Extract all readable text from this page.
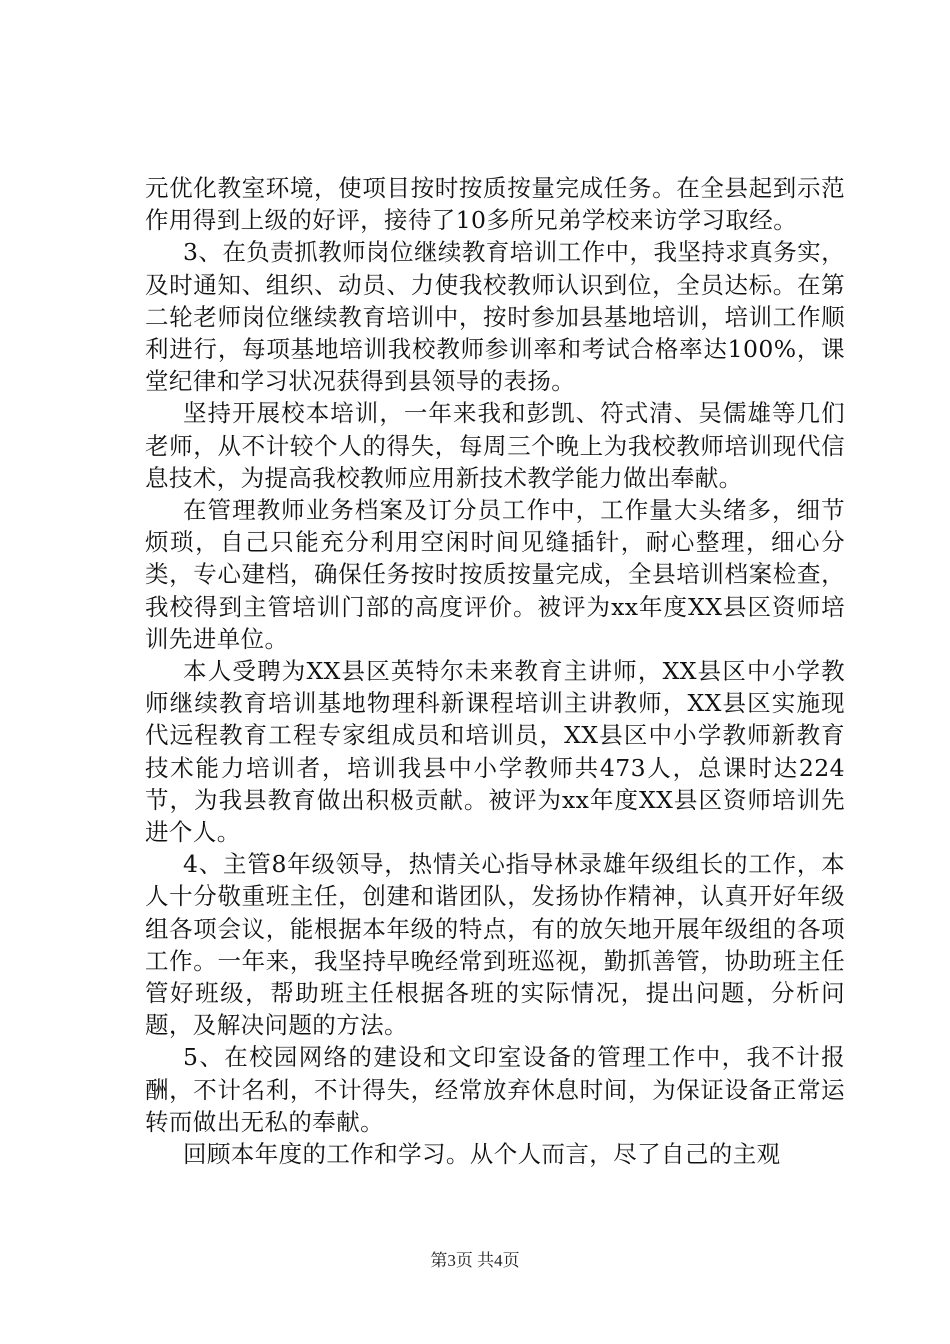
元优化教室环境，使项目按时按质按量完成任务。在全县起到示范作用得到上级的好评，接待了10多所兄弟学校来访学习取经。

3、在负责抓教师岗位继续教育培训工作中，我坚持求真务实，及时通知、组织、动员、力使我校教师认识到位，全员达标。在第二轮老师岗位继续教育培训中，按时参加县基地培训，培训工作顺利进行，每项基地培训我校教师参训率和考试合格率达100%，课堂纪律和学习状况获得到县领导的表扬。

坚持开展校本培训，一年来我和彭凯、符式清、吴儒雄等几们老师，从不计较个人的得失，每周三个晚上为我校教师培训现代信息技术，为提高我校教师应用新技术教学能力做出奉献。

在管理教师业务档案及订分员工作中，工作量大头绪多，细节烦琐，自己只能充分利用空闲时间见缝插针，耐心整理，细心分类，专心建档，确保任务按时按质按量完成，全县培训档案检查，我校得到主管培训门部的高度评价。被评为xx年度XX县区资师培训先进单位。

本人受聘为XX县区英特尔未来教育主讲师，XX县区中小学教师继续教育培训基地物理科新课程培训主讲教师，XX县区实施现代远程教育工程专家组成员和培训员，XX县区中小学教师新教育技术能力培训者，培训我县中小学教师共473人，总课时达224节，为我县教育做出积极贡献。被评为xx年度XX县区资师培训先进个人。

4、主管8年级领导，热情关心指导林录雄年级组长的工作，本人十分敬重班主任，创建和谐团队，发扬协作精神，认真开好年级组各项会议，能根据本年级的特点，有的放矢地开展年级组的各项工作。一年来，我坚持早晚经常到班巡视，勤抓善管，协助班主任管好班级，帮助班主任根据各班的实际情况，提出问题，分析问题，及解决问题的方法。

5、在校园网络的建设和文印室设备的管理工作中，我不计报酬，不计名利，不计得失，经常放弃休息时间，为保证设备正常运转而做出无私的奉献。

回顾本年度的工作和学习。从个人而言，尽了自己的主观

第3页 共4页
